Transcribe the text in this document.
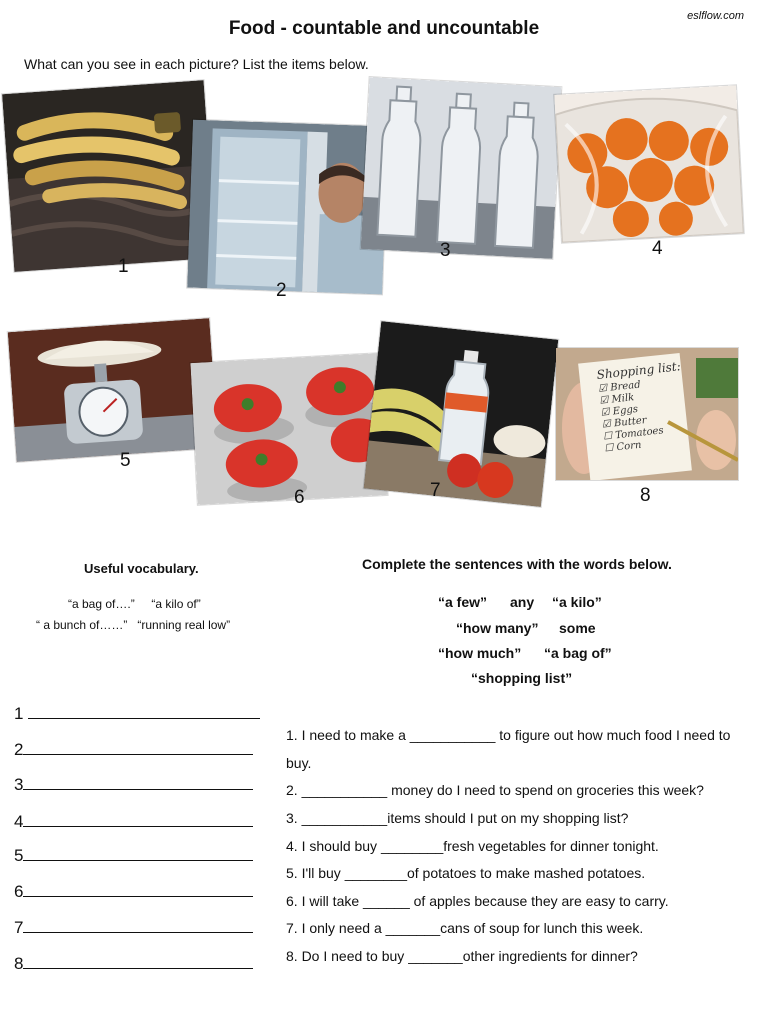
eslflow.com
Food - countable and uncountable
What can you see in each picture? List the items below.
1
2
3	4
5
6	7
Shopping list:
☑ Bread
☑ Milk
☑ Eggs
☑ Butter
☐ Tomatoes
☐ Corn
8
Useful vocabulary.
“a bag of….”     “a kilo of”
“ a bunch of……”   “running real low”
Complete the sentences with the words below.
“a few” any “a kilo”
“how many” some
“how much” “a bag of”
“shopping list”
1
2
3
4
5
6
7
8
1. I need to make a ___________ to figure out how much food I need to buy.
2. ___________ money do I need to spend on groceries this week?
3. ___________items should I put on my shopping list?
4. I should buy ________fresh vegetables for dinner tonight.
5. I'll buy ________of potatoes to make mashed potatoes.
6. I will take ______ of apples because they are easy to carry.
7. I only need a _______cans of soup for lunch this week.
8. Do I need to buy _______other ingredients for dinner?
